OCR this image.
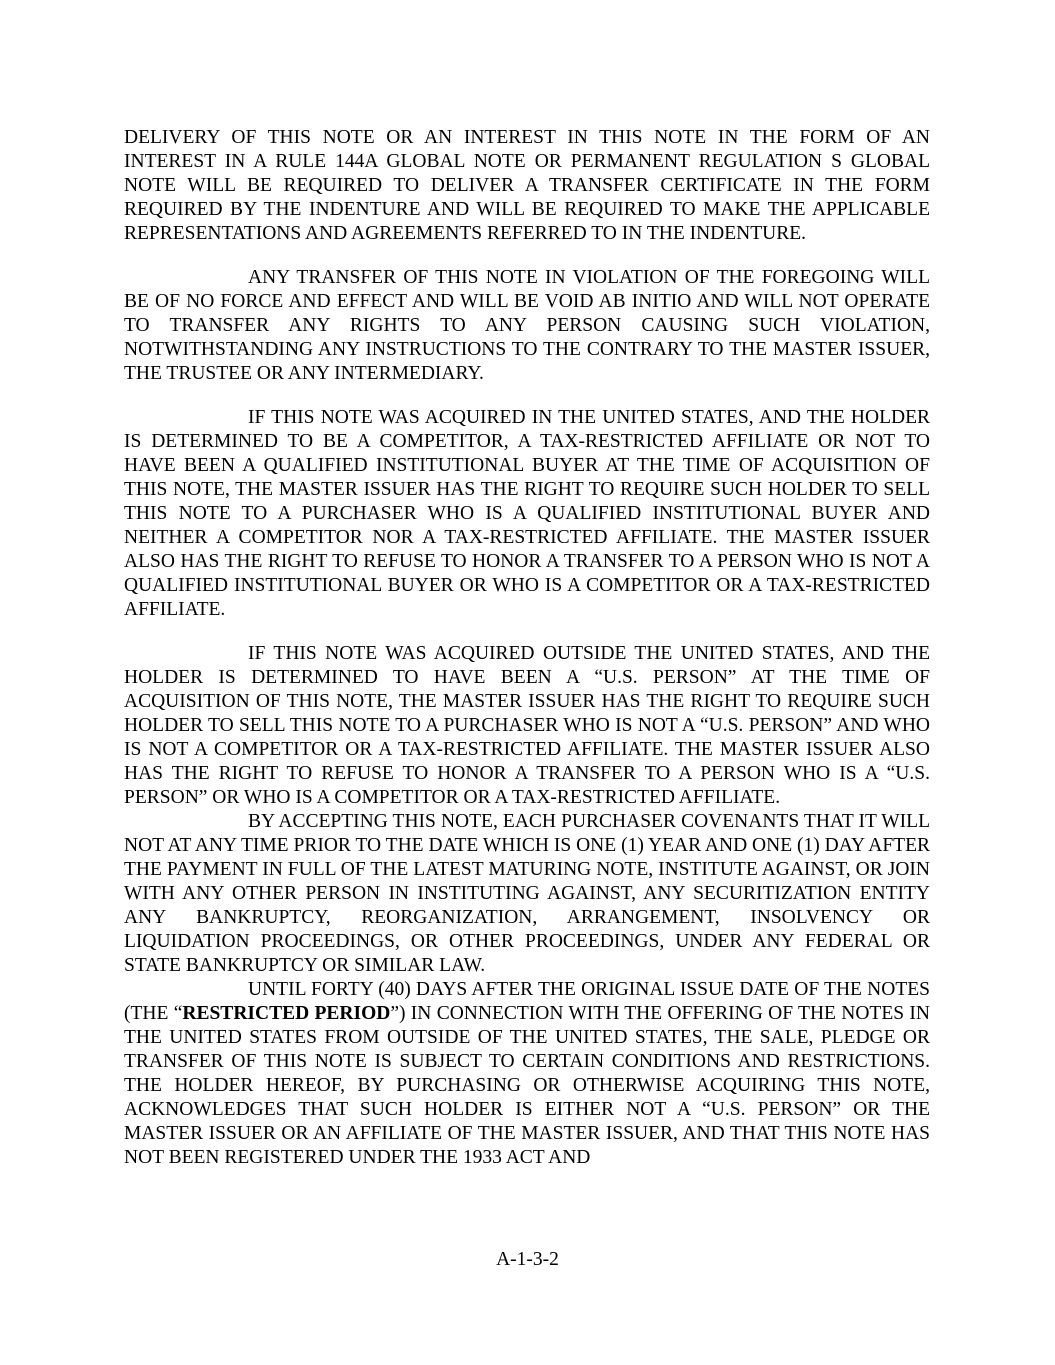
DELIVERY OF THIS NOTE OR AN INTEREST IN THIS NOTE IN THE FORM OF AN INTEREST IN A RULE 144A GLOBAL NOTE OR PERMANENT REGULATION S GLOBAL NOTE WILL BE REQUIRED TO DELIVER A TRANSFER CERTIFICATE IN THE FORM REQUIRED BY THE INDENTURE AND WILL BE REQUIRED TO MAKE THE APPLICABLE REPRESENTATIONS AND AGREEMENTS REFERRED TO IN THE INDENTURE.

ANY TRANSFER OF THIS NOTE IN VIOLATION OF THE FOREGOING WILL BE OF NO FORCE AND EFFECT AND WILL BE VOID AB INITIO AND WILL NOT OPERATE TO TRANSFER ANY RIGHTS TO ANY PERSON CAUSING SUCH VIOLATION, NOTWITHSTANDING ANY INSTRUCTIONS TO THE CONTRARY TO THE MASTER ISSUER, THE TRUSTEE OR ANY INTERMEDIARY.

IF THIS NOTE WAS ACQUIRED IN THE UNITED STATES, AND THE HOLDER IS DETERMINED TO BE A COMPETITOR, A TAX-RESTRICTED AFFILIATE OR NOT TO HAVE BEEN A QUALIFIED INSTITUTIONAL BUYER AT THE TIME OF ACQUISITION OF THIS NOTE, THE MASTER ISSUER HAS THE RIGHT TO REQUIRE SUCH HOLDER TO SELL THIS NOTE TO A PURCHASER WHO IS A QUALIFIED INSTITUTIONAL BUYER AND NEITHER A COMPETITOR NOR A TAX-RESTRICTED AFFILIATE. THE MASTER ISSUER ALSO HAS THE RIGHT TO REFUSE TO HONOR A TRANSFER TO A PERSON WHO IS NOT A QUALIFIED INSTITUTIONAL BUYER OR WHO IS A COMPETITOR OR A TAX-RESTRICTED AFFILIATE.

IF THIS NOTE WAS ACQUIRED OUTSIDE THE UNITED STATES, AND THE HOLDER IS DETERMINED TO HAVE BEEN A “U.S. PERSON” AT THE TIME OF ACQUISITION OF THIS NOTE, THE MASTER ISSUER HAS THE RIGHT TO REQUIRE SUCH HOLDER TO SELL THIS NOTE TO A PURCHASER WHO IS NOT A “U.S. PERSON” AND WHO IS NOT A COMPETITOR OR A TAX-RESTRICTED AFFILIATE. THE MASTER ISSUER ALSO HAS THE RIGHT TO REFUSE TO HONOR A TRANSFER TO A PERSON WHO IS A “U.S. PERSON” OR WHO IS A COMPETITOR OR A TAX-RESTRICTED AFFILIATE.

BY ACCEPTING THIS NOTE, EACH PURCHASER COVENANTS THAT IT WILL NOT AT ANY TIME PRIOR TO THE DATE WHICH IS ONE (1) YEAR AND ONE (1) DAY AFTER THE PAYMENT IN FULL OF THE LATEST MATURING NOTE, INSTITUTE AGAINST, OR JOIN WITH ANY OTHER PERSON IN INSTITUTING AGAINST, ANY SECURITIZATION ENTITY ANY BANKRUPTCY, REORGANIZATION, ARRANGEMENT, INSOLVENCY OR LIQUIDATION PROCEEDINGS, OR OTHER PROCEEDINGS, UNDER ANY FEDERAL OR STATE BANKRUPTCY OR SIMILAR LAW.

UNTIL FORTY (40) DAYS AFTER THE ORIGINAL ISSUE DATE OF THE NOTES (THE “RESTRICTED PERIOD”) IN CONNECTION WITH THE OFFERING OF THE NOTES IN THE UNITED STATES FROM OUTSIDE OF THE UNITED STATES, THE SALE, PLEDGE OR TRANSFER OF THIS NOTE IS SUBJECT TO CERTAIN CONDITIONS AND RESTRICTIONS. THE HOLDER HEREOF, BY PURCHASING OR OTHERWISE ACQUIRING THIS NOTE, ACKNOWLEDGES THAT SUCH HOLDER IS EITHER NOT A “U.S. PERSON” OR THE MASTER ISSUER OR AN AFFILIATE OF THE MASTER ISSUER, AND THAT THIS NOTE HAS NOT BEEN REGISTERED UNDER THE 1933 ACT AND

A-1-3-2
